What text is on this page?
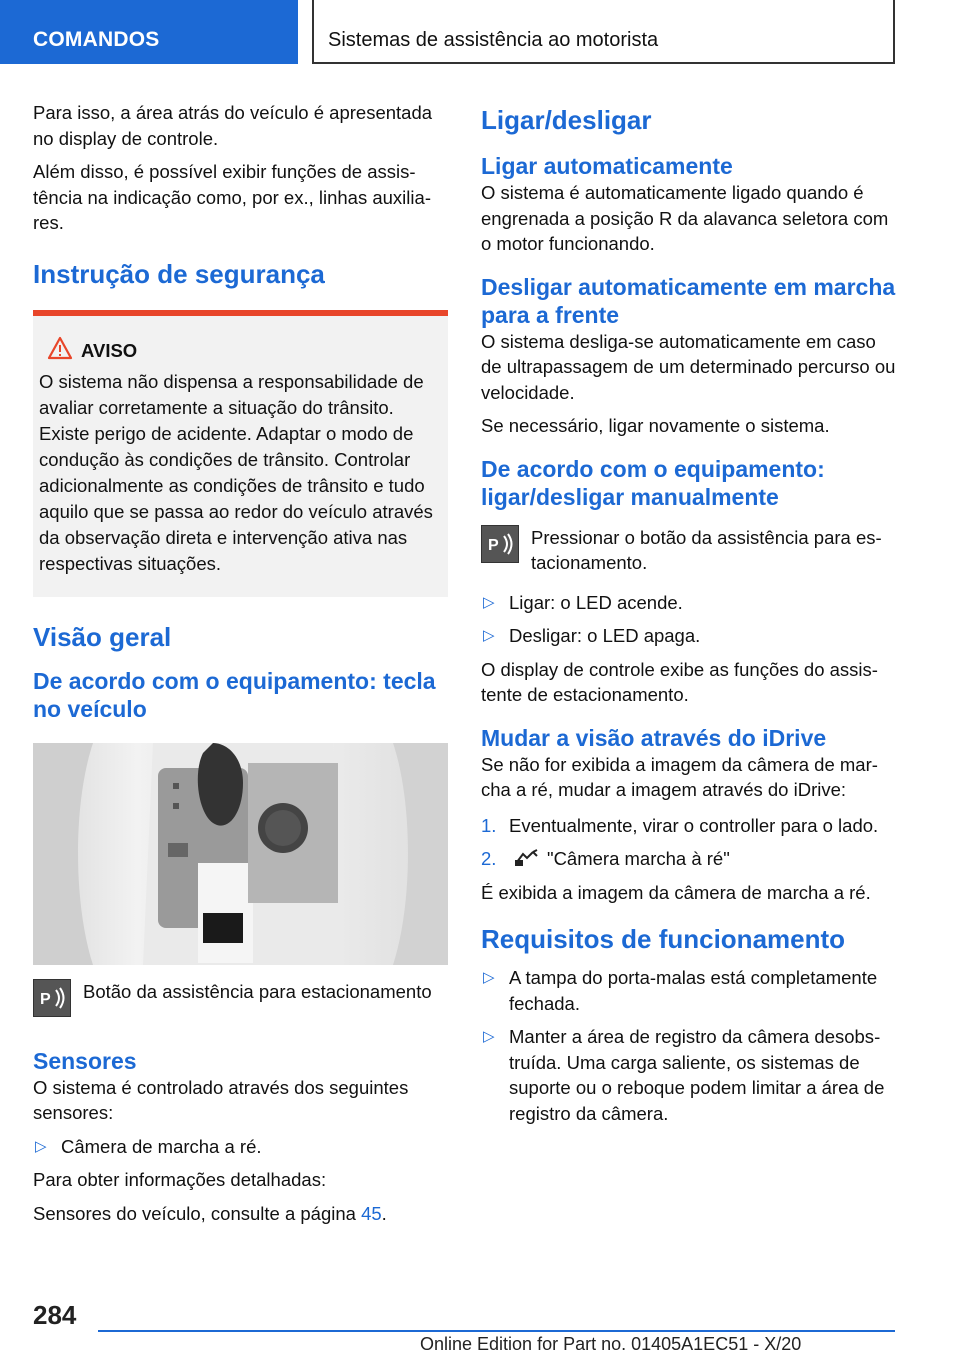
COMANDOS	Sistemas de assistência ao motorista

Para isso, a área atrás do veículo é apresentada no display de controle.

Além disso, é possível exibir funções de assistência na indicação como, por ex., linhas auxiliares.

Instrução de segurança
AVISO
O sistema não dispensa a responsabilidade de avaliar corretamente a situação do trânsito. Existe perigo de acidente. Adaptar o modo de condução às condições de trânsito. Controlar adicionalmente as condições de trânsito e tudo aquilo que se passa ao redor do veículo através da observação direta e intervenção ativa nas respectivas situações.
Visão geral
De acordo com o equipamento: tecla no veículo
P Botão da assistência para estacionamento
Sensores

O sistema é controlado através dos seguintes sensores:

▷ Câmera de marcha a ré.

Para obter informações detalhadas:

Sensores do veículo, consulte a página 45.

Ligar/desligar
Ligar automaticamente

O sistema é automaticamente ligado quando é engrenada a posição R da alavanca seletora com o motor funcionando.

Desligar automaticamente em marcha para a frente

O sistema desliga-se automaticamente em caso de ultrapassagem de um determinado percurso ou velocidade.

Se necessário, ligar novamente o sistema.

De acordo com o equipamento: ligar/desligar manualmente
P Pressionar o botão da assistência para estacionamento.
▷ Ligar: o LED acende.
▷ Desligar: o LED apaga.

O display de controle exibe as funções do assistente de estacionamento.

Mudar a visão através do iDrive

Se não for exibida a imagem da câmera de marcha a ré, mudar a imagem através do iDrive:

1. Eventualmente, virar o controller para o lado.
2.	"Câmera marcha à ré"

É exibida a imagem da câmera de marcha a ré.

Requisitos de funcionamento
▷ A tampa do porta-malas está completamente fechada.
▷ Manter a área de registro da câmera desobstruída. Uma carga saliente, os sistemas de suporte ou o reboque podem limitar a área de registro da câmera.
284
Online Edition for Part no. 01405A1EC51 - X/20
